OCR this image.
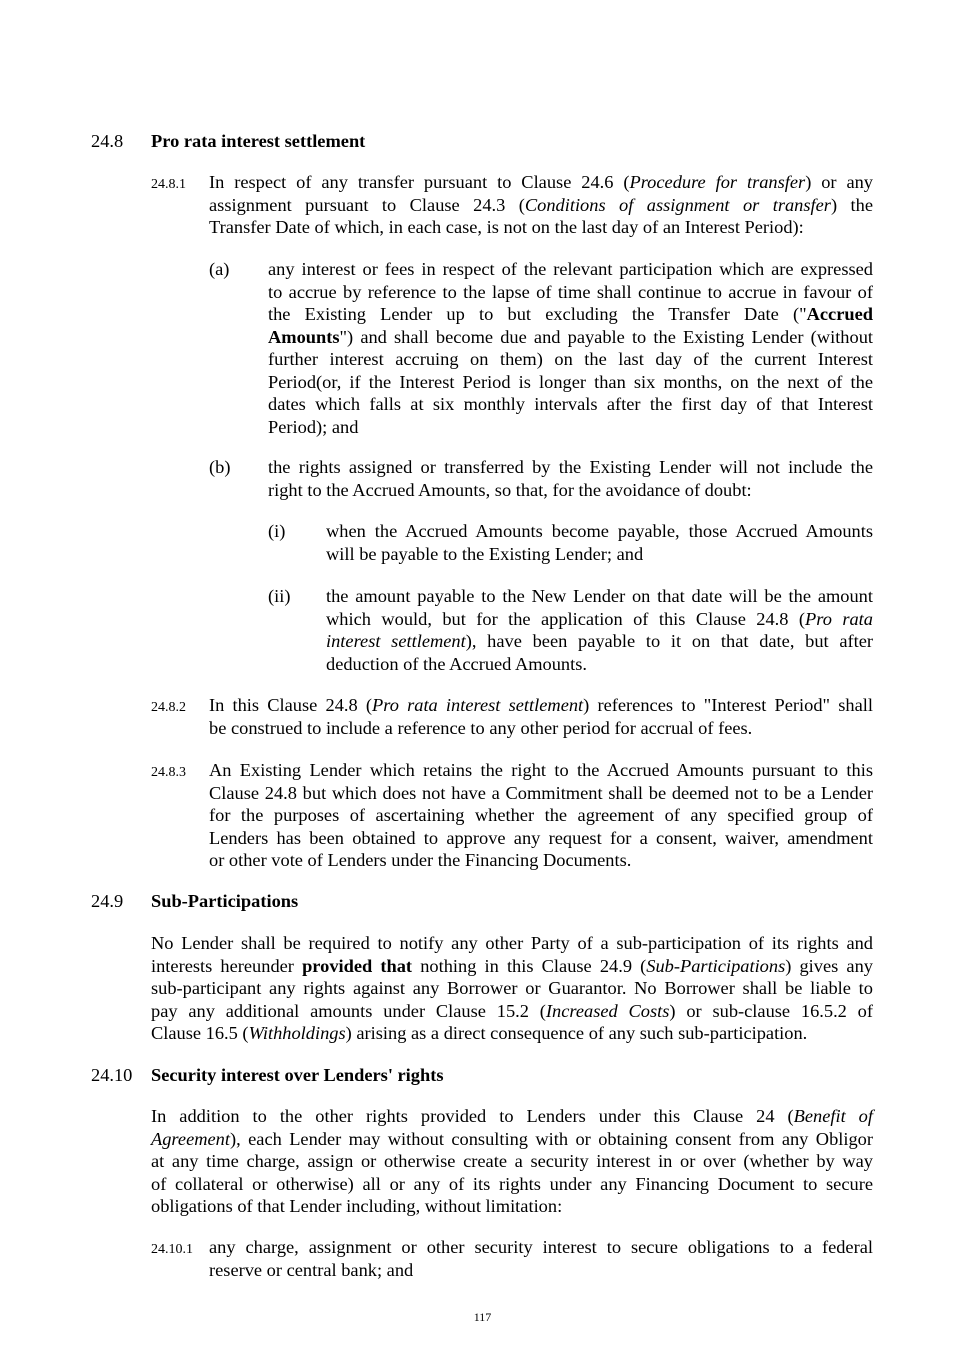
24.8 Pro rata interest settlement
24.8.1 In respect of any transfer pursuant to Clause 24.6 (Procedure for transfer) or any
assignment pursuant to Clause 24.3 (Conditions of assignment or transfer) the
Transfer Date of which, in each case, is not on the last day of an Interest Period):
(a) any interest or fees in respect of the relevant participation which are expressed
to accrue by reference to the lapse of time shall continue to accrue in favour of
the Existing Lender up to but excluding the Transfer Date ("Accrued
Amounts") and shall become due and payable to the Existing Lender (without
further interest accruing on them) on the last day of the current Interest
Period(or, if the Interest Period is longer than six months, on the next of the
dates which falls at six monthly intervals after the first day of that Interest
Period); and
(b) the rights assigned or transferred by the Existing Lender will not include the
right to the Accrued Amounts, so that, for the avoidance of doubt:
(i) when the Accrued Amounts become payable, those Accrued Amounts
will be payable to the Existing Lender; and
(ii) the amount payable to the New Lender on that date will be the amount
which would, but for the application of this Clause 24.8 (Pro rata
interest settlement), have been payable to it on that date, but after
deduction of the Accrued Amounts.
24.8.2 In this Clause 24.8 (Pro rata interest settlement) references to "Interest Period" shall
be construed to include a reference to any other period for accrual of fees.
24.8.3 An Existing Lender which retains the right to the Accrued Amounts pursuant to this
Clause 24.8 but which does not have a Commitment shall be deemed not to be a Lender
for the purposes of ascertaining whether the agreement of any specified group of
Lenders has been obtained to approve any request for a consent, waiver, amendment
or other vote of Lenders under the Financing Documents.
24.9 Sub-Participations
No Lender shall be required to notify any other Party of a sub-participation of its rights and
interests hereunder provided that nothing in this Clause 24.9 (Sub-Participations) gives any
sub-participant any rights against any Borrower or Guarantor. No Borrower shall be liable to
pay any additional amounts under Clause 15.2 (Increased Costs) or sub-clause 16.5.2 of
Clause 16.5 (Withholdings) arising as a direct consequence of any such sub-participation.
24.10 Security interest over Lenders' rights
In addition to the other rights provided to Lenders under this Clause 24 (Benefit of
Agreement), each Lender may without consulting with or obtaining consent from any Obligor
at any time charge, assign or otherwise create a security interest in or over (whether by way
of collateral or otherwise) all or any of its rights under any Financing Document to secure
obligations of that Lender including, without limitation:
24.10.1 any charge, assignment or other security interest to secure obligations to a federal
reserve or central bank; and
117
